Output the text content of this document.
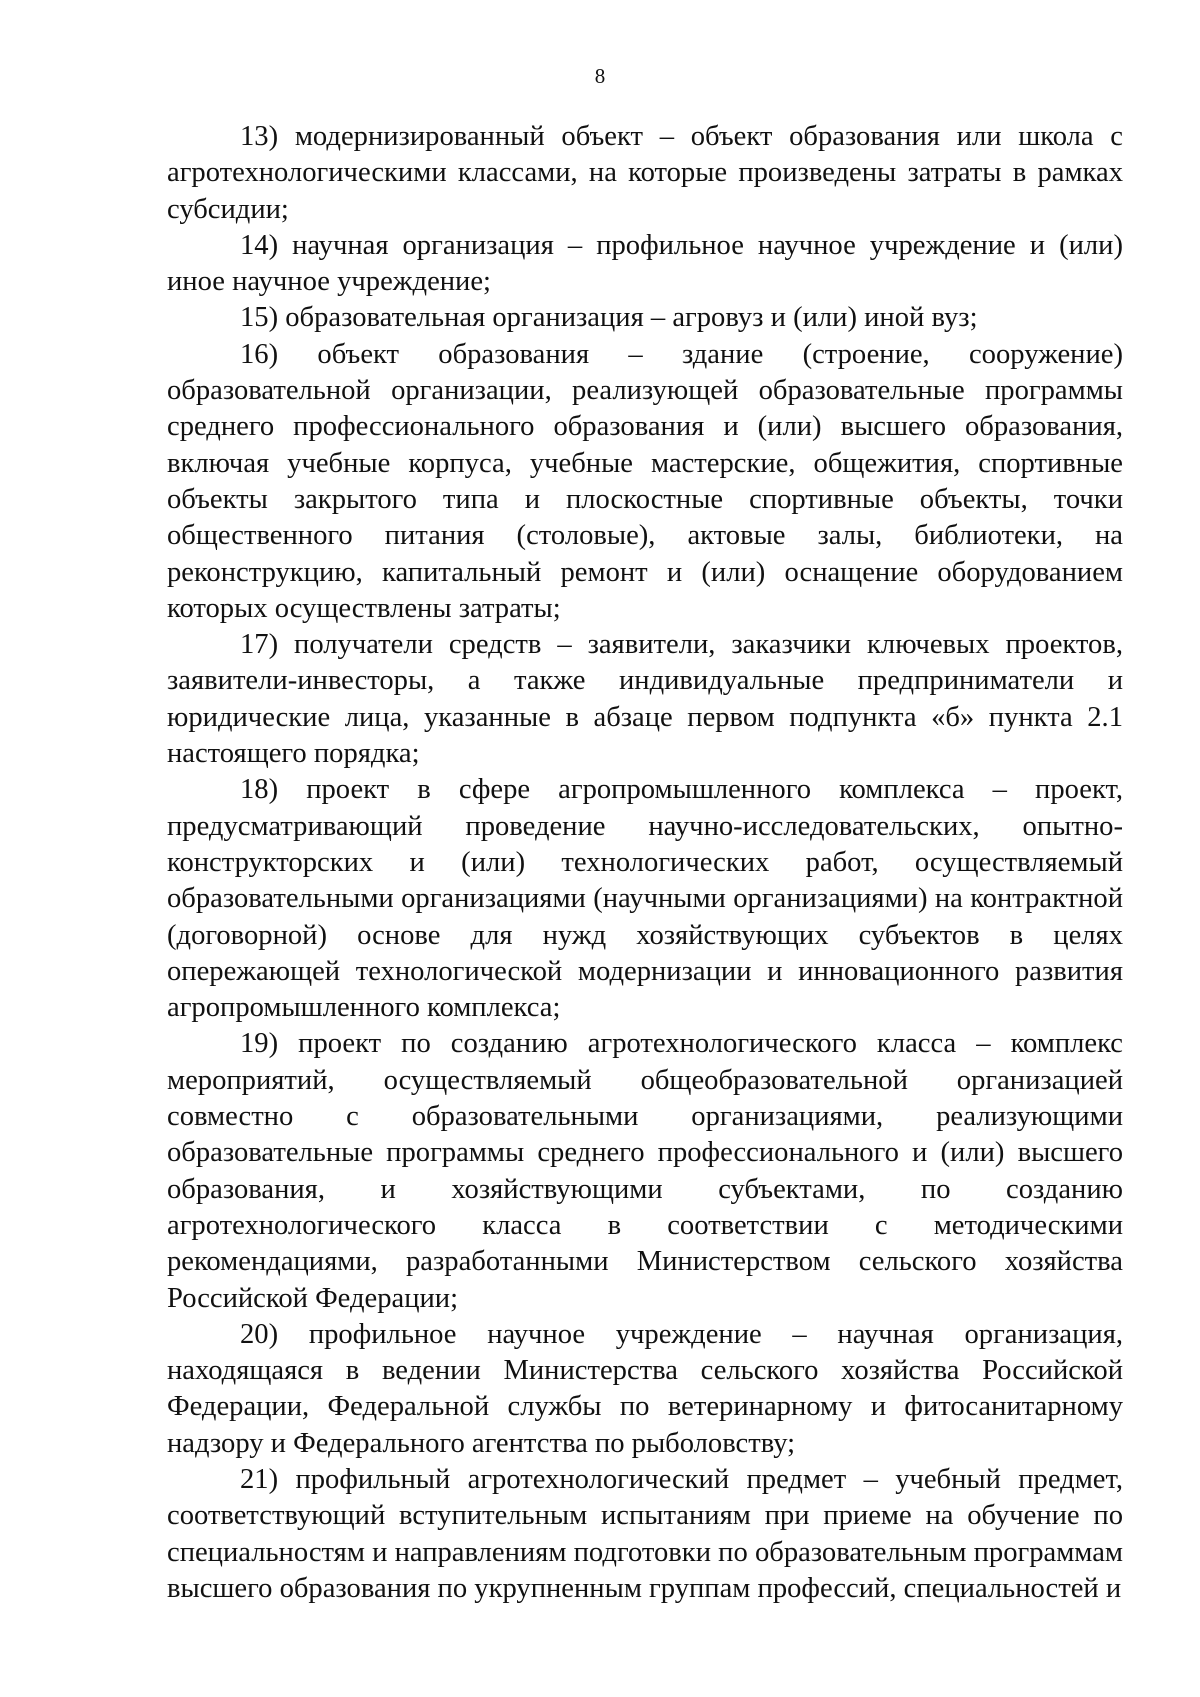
8

13) модернизированный объект – объект образования или школа с агротехнологическими классами, на которые произведены затраты в рамках субсидии;

14) научная организация – профильное научное учреждение и (или) иное научное учреждение;

15) образовательная организация – агровуз и (или) иной вуз;

16) объект образования – здание (строение, сооружение) образовательной организации, реализующей образовательные программы среднего профессионального образования и (или) высшего образования, включая учебные корпуса, учебные мастерские, общежития, спортивные объекты закрытого типа и плоскостные спортивные объекты, точки общественного питания (столовые), актовые залы, библиотеки, на реконструкцию, капитальный ремонт и (или) оснащение оборудованием которых осуществлены затраты;

17) получатели средств – заявители, заказчики ключевых проектов, заявители-инвесторы, а также индивидуальные предприниматели и юридические лица, указанные в абзаце первом подпункта «б» пункта 2.1 настоящего порядка;

18) проект в сфере агропромышленного комплекса – проект, предусматривающий проведение научно-исследовательских, опытно-конструкторских и (или) технологических работ, осуществляемый образовательными организациями (научными организациями) на контрактной (договорной) основе для нужд хозяйствующих субъектов в целях опережающей технологической модернизации и инновационного развития агропромышленного комплекса;

19) проект по созданию агротехнологического класса – комплекс мероприятий, осуществляемый общеобразовательной организацией совместно с образовательными организациями, реализующими образовательные программы среднего профессионального и (или) высшего образования, и хозяйствующими субъектами, по созданию агротехнологического класса в соответствии с методическими рекомендациями, разработанными Министерством сельского хозяйства Российской Федерации;

20) профильное научное учреждение – научная организация, находящаяся в ведении Министерства сельского хозяйства Российской Федерации, Федеральной службы по ветеринарному и фитосанитарному надзору и Федерального агентства по рыболовству;

21) профильный агротехнологический предмет – учебный предмет, соответствующий вступительным испытаниям при приеме на обучение по специальностям и направлениям подготовки по образовательным программам высшего образования по укрупненным группам профессий, специальностей и
